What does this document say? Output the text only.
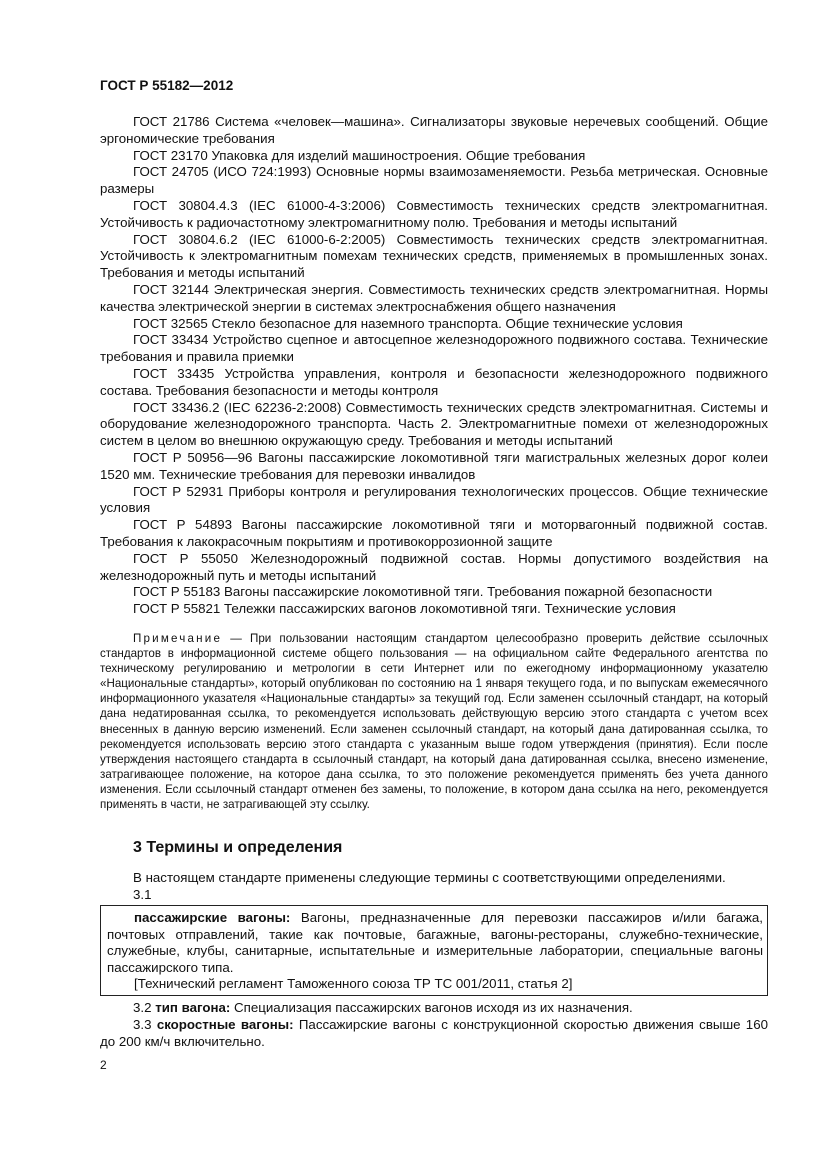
ГОСТ Р 55182—2012

ГОСТ 21786 Система «человек—машина». Сигнализаторы звуковые неречевых сообщений. Общие эргономические требования

ГОСТ 23170 Упаковка для изделий машиностроения. Общие требования

ГОСТ 24705 (ИСО 724:1993) Основные нормы взаимозаменяемости. Резьба метрическая. Основные размеры

ГОСТ 30804.4.3 (IEC 61000-4-3:2006) Совместимость технических средств электромагнитная. Устойчивость к радиочастотному электромагнитному полю. Требования и методы испытаний

ГОСТ 30804.6.2 (IEC 61000-6-2:2005) Совместимость технических средств электромагнитная. Устойчивость к электромагнитным помехам технических средств, применяемых в промышленных зонах. Требования и методы испытаний

ГОСТ 32144 Электрическая энергия. Совместимость технических средств электромагнитная. Нормы качества электрической энергии в системах электроснабжения общего назначения

ГОСТ 32565 Стекло безопасное для наземного транспорта. Общие технические условия

ГОСТ 33434 Устройство сцепное и автосцепное железнодорожного подвижного состава. Технические требования и правила приемки

ГОСТ 33435 Устройства управления, контроля и безопасности железнодорожного подвижного состава. Требования безопасности и методы контроля

ГОСТ 33436.2 (IEC 62236-2:2008) Совместимость технических средств электромагнитная. Системы и оборудование железнодорожного транспорта. Часть 2. Электромагнитные помехи от железнодорожных систем в целом во внешнюю окружающую среду. Требования и методы испытаний

ГОСТ Р 50956—96 Вагоны пассажирские локомотивной тяги магистральных железных дорог колеи 1520 мм. Технические требования для перевозки инвалидов

ГОСТ Р 52931 Приборы контроля и регулирования технологических процессов. Общие технические условия

ГОСТ Р 54893 Вагоны пассажирские локомотивной тяги и моторвагонный подвижной состав. Требования к лакокрасочным покрытиям и противокоррозионной защите

ГОСТ Р 55050 Железнодорожный подвижной состав. Нормы допустимого воздействия на железнодорожный путь и методы испытаний

ГОСТ Р 55183 Вагоны пассажирские локомотивной тяги. Требования пожарной безопасности

ГОСТ Р 55821 Тележки пассажирских вагонов локомотивной тяги. Технические условия

Примечание — При пользовании настоящим стандартом целесообразно проверить действие ссылочных стандартов в информационной системе общего пользования — на официальном сайте Федерального агентства по техническому регулированию и метрологии в сети Интернет или по ежегодному информационному указателю «Национальные стандарты», который опубликован по состоянию на 1 января текущего года, и по выпускам ежемесячного информационного указателя «Национальные стандарты» за текущий год. Если заменен ссылочный стандарт, на который дана недатированная ссылка, то рекомендуется использовать действующую версию этого стандарта с учетом всех внесенных в данную версию изменений. Если заменен ссылочный стандарт, на который дана датированная ссылка, то рекомендуется использовать версию этого стандарта с указанным выше годом утверждения (принятия). Если после утверждения настоящего стандарта в ссылочный стандарт, на который дана датированная ссылка, внесено изменение, затрагивающее положение, на которое дана ссылка, то это положение рекомендуется применять без учета данного изменения. Если ссылочный стандарт отменен без замены, то положение, в котором дана ссылка на него, рекомендуется применять в части, не затрагивающей эту ссылку.

3 Термины и определения

В настоящем стандарте применены следующие термины с соответствующими определениями.
3.1

пассажирские вагоны: Вагоны, предназначенные для перевозки пассажиров и/или багажа, почтовых отправлений, такие как почтовые, багажные, вагоны-рестораны, служебно-технические, служебные, клубы, санитарные, испытательные и измерительные лаборатории, специальные вагоны пассажирского типа.

[Технический регламент Таможенного союза ТР ТС 001/2011, статья 2]

3.2 тип вагона: Специализация пассажирских вагонов исходя из их назначения.

3.3 скоростные вагоны: Пассажирские вагоны с конструкционной скоростью движения свыше 160 до 200 км/ч включительно.

2
